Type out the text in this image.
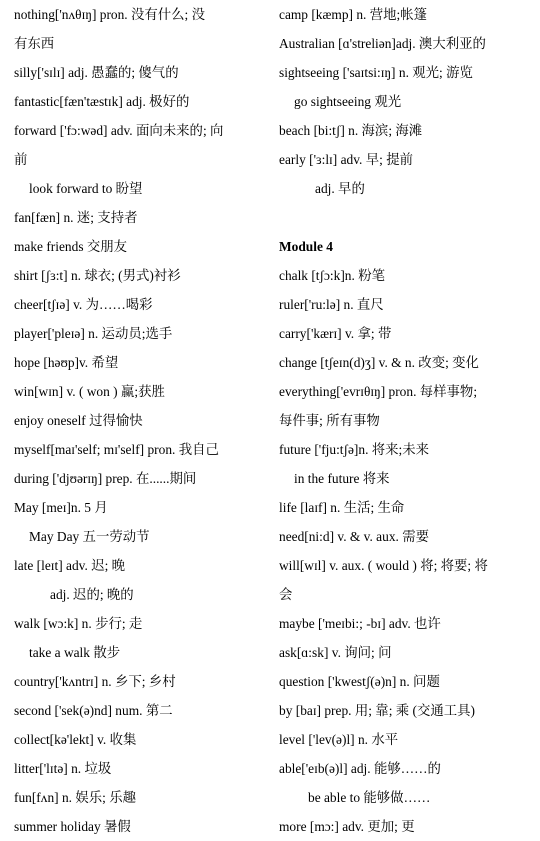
nothing['nʌθɪŋ] pron. 没有什么; 没
有东西
silly['sɪlɪ] adj. 愚蠢的; 傻气的
fantastic[fæn'tæstɪk] adj. 极好的
forward ['fɔ:wəd] adv. 面向未来的; 向
前
look forward to 盼望
fan[fæn] n. 迷; 支持者
make friends 交朋友
shirt [ʃɜ:t] n. 球衣; (男式)衬衫
cheer[tʃɪə] v. 为……喝彩
player['pleɪə] n. 运动员;选手
hope [həʊp]v. 希望
win[wɪn] v. ( won ) 赢;获胜
enjoy oneself 过得愉快
myself[maɪ'self; mɪ'self] pron. 我自己
during ['djʊərɪŋ] prep. 在......期间
May [meɪ]n. 5 月
May Day 五一劳动节
late [leɪt] adv. 迟; 晚
adj. 迟的; 晚的
walk [wɔ:k] n. 步行; 走
take a walk 散步
country['kʌntrɪ] n. 乡下; 乡村
second ['sek(ə)nd] num. 第二
collect[kə'lekt] v. 收集
litter['lɪtə] n. 垃圾
fun[fʌn] n. 娱乐; 乐趣
summer holiday 暑假
camp [kæmp] n. 营地;帐篷
Australian [ɑ'streliən]adj. 澳大利亚的
sightseeing ['saɪtsi:ɪŋ] n. 观光; 游览
go sightseeing 观光
beach [bi:tʃ] n. 海滨; 海滩
early ['ɜ:lɪ] adv. 早; 提前
adj. 早的
Module 4
chalk [tʃɔ:k]n. 粉笔
ruler['ru:lə] n. 直尺
carry['kærɪ] v. 拿; 带
change [tʃeɪn(d)ʒ] v. & n. 改变; 变化
everything['evrɪθɪŋ] pron. 每样事物;
每件事; 所有事物
future ['fju:tʃə]n. 将来;未来
in the future 将来
life [laɪf] n. 生活; 生命
need[ni:d] v. & v. aux. 需要
will[wɪl] v. aux. ( would ) 将; 将要; 将
会
maybe ['meɪbi:; -bɪ] adv. 也许
ask[ɑ:sk] v. 询问; 问
question ['kwestʃ(ə)n] n. 问题
by [baɪ] prep. 用; 靠; 乘 (交通工具)
level ['lev(ə)l] n. 水平
able['eɪb(ə)l] adj. 能够……的
be able to 能够做……
more [mɔ:] adv. 更加; 更
